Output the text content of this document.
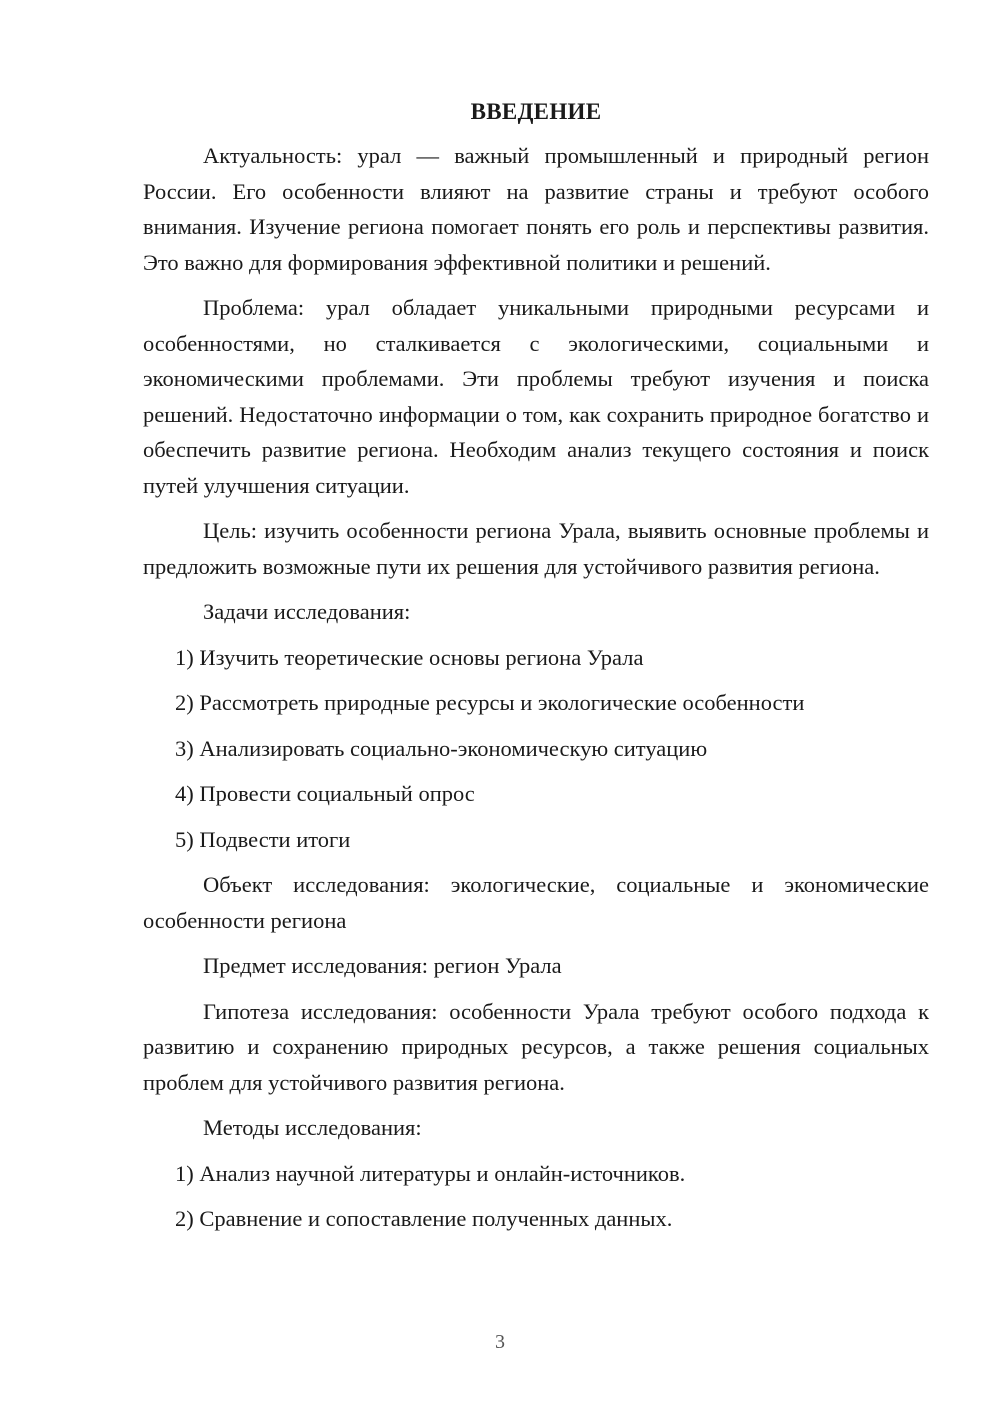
ВВЕДЕНИЕ

Актуальность: урал — важный промышленный и природный регион России. Его особенности влияют на развитие страны и требуют особого внимания. Изучение региона помогает понять его роль и перспективы развития. Это важно для формирования эффективной политики и решений.

Проблема: урал обладает уникальными природными ресурсами и особенностями, но сталкивается с экологическими, социальными и экономическими проблемами. Эти проблемы требуют изучения и поиска решений. Недостаточно информации о том, как сохранить природное богатство и обеспечить развитие региона. Необходим анализ текущего состояния и поиск путей улучшения ситуации.

Цель: изучить особенности региона Урала, выявить основные проблемы и предложить возможные пути их решения для устойчивого развития региона.

Задачи исследования:

1) Изучить теоретические основы региона Урала

2) Рассмотреть природные ресурсы и экологические особенности

3) Анализировать социально-экономическую ситуацию

4) Провести социальный опрос

5) Подвести итоги

Объект исследования: экологические, социальные и экономические особенности региона

Предмет исследования: регион Урала

Гипотеза исследования: особенности Урала требуют особого подхода к развитию и сохранению природных ресурсов, а также решения социальных проблем для устойчивого развития региона.

Методы исследования:

1) Анализ научной литературы и онлайн-источников.

2) Сравнение и сопоставление полученных данных.

3
